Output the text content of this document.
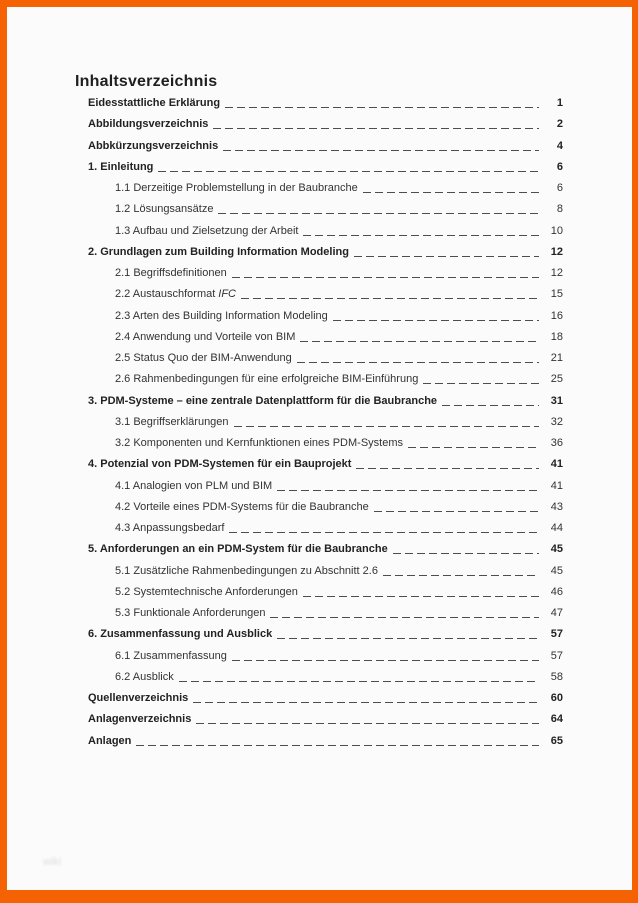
Inhaltsverzeichnis
Eidesstattliche Erklärung	1
Abbildungsverzeichnis	2
Abbkürzungsverzeichnis	4
1. Einleitung	6
1.1 Derzeitige Problemstellung in der Baubranche	6
1.2 Lösungsansätze	8
1.3 Aufbau und Zielsetzung der Arbeit	10
2. Grundlagen zum Building Information Modeling	12
2.1 Begriffsdefinitionen	12
2.2 Austauschformat IFC	15
2.3 Arten des Building Information Modeling	16
2.4 Anwendung und Vorteile von BIM	18
2.5 Status Quo der BIM-Anwendung	21
2.6 Rahmenbedingungen für eine erfolgreiche BIM-Einführung	25
3. PDM-Systeme – eine zentrale Datenplattform für die Baubranche	31
3.1 Begriffserklärungen	32
3.2 Komponenten und Kernfunktionen eines PDM-Systems	36
4. Potenzial von PDM-Systemen für ein Bauprojekt	41
4.1 Analogien von PLM und BIM	41
4.2 Vorteile eines PDM-Systems für die Baubranche	43
4.3 Anpassungsbedarf	44
5. Anforderungen an ein PDM-System für die Baubranche	45
5.1 Zusätzliche Rahmenbedingungen zu Abschnitt 2.6	45
5.2 Systemtechnische Anforderungen	46
5.3 Funktionale Anforderungen	47
6. Zusammenfassung und Ausblick	57
6.1 Zusammenfassung	57
6.2 Ausblick	58
Quellenverzeichnis	60
Anlagenverzeichnis	64
Anlagen	65
wiki
